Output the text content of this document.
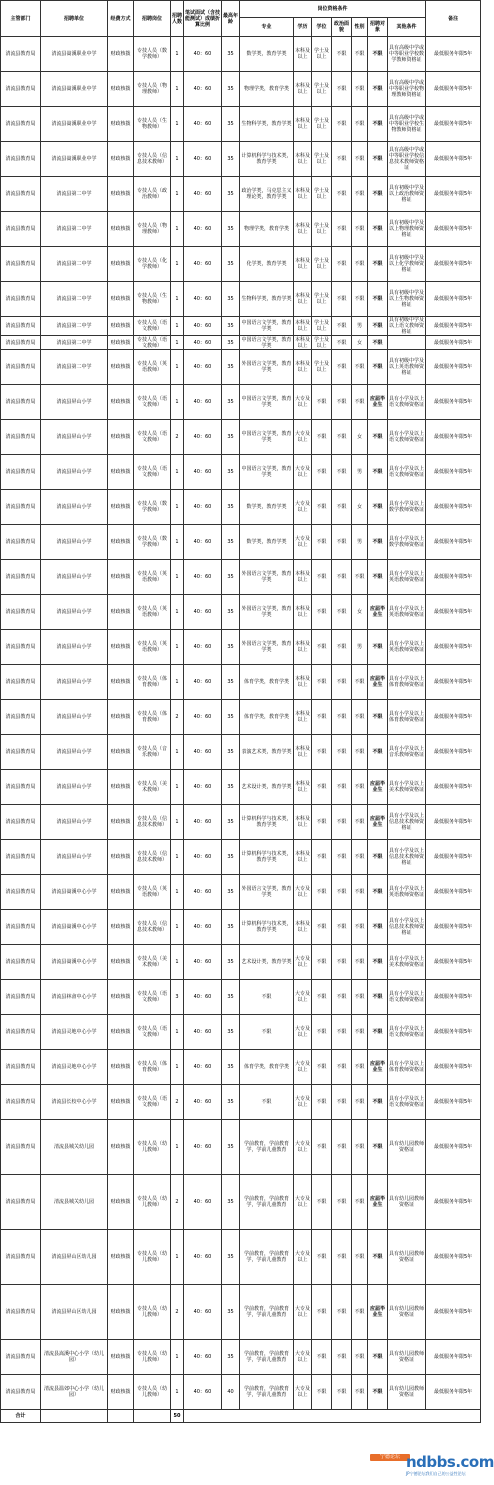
主管部门	招聘单位	经费方式	招聘岗位	招聘人数	笔试面试（含技能测试）成绩折算比例	最高年龄	岗位资格条件							备注
							专业	学历	学位	政治面貌	性别	招聘对象	其他条件	
清流县教育局	清流县嵩溪职业中学	财政核拨	专技人员（数学教师）	1	40：60	35	数学类，教育学类	本科及以上	学士及以上	不限	不限	不限	具有高级中学或中等职业学校数学教师资格证	最低服务年限5年
清流县教育局	清流县嵩溪职业中学	财政核拨	专技人员（物理教师）	1	40：60	35	物理学类，教育学类	本科及以上	学士及以上	不限	不限	不限	具有高级中学或中等职业学校物理教师资格证	最低服务年限5年
清流县教育局	清流县嵩溪职业中学	财政核拨	专技人员（生物教师）	1	40：60	35	生物科学类，教育学类	本科及以上	学士及以上	不限	不限	不限	具有高级中学或中等职业学校生物教师资格证	最低服务年限5年
清流县教育局	清流县嵩溪职业中学	财政核拨	专技人员（信息技术教师）	1	40：60	35	计算机科学与技术类，教育学类	本科及以上	学士及以上	不限	不限	不限	具有高级中学或中等职业学校信息技术教师资格证	最低服务年限5年
清流县教育局	清流县第二中学	财政核拨	专技人员（政治教师）	1	40：60	35	政治学类，马克思主义理论类，教育学类	本科及以上	学士及以上	不限	不限	不限	具有初级中学及以上政治教师资格证	最低服务年限5年
清流县教育局	清流县第二中学	财政核拨	专技人员（物理教师）	1	40：60	35	物理学类，教育学类	本科及以上	学士及以上	不限	不限	不限	具有初级中学及以上物理教师资格证	最低服务年限5年
清流县教育局	清流县第二中学	财政核拨	专技人员（化学教师）	1	40：60	35	化学类，教育学类	本科及以上	学士及以上	不限	不限	不限	具有初级中学及以上化学教师资格证	最低服务年限5年
清流县教育局	清流县第二中学	财政核拨	专技人员（生物教师）	1	40：60	35	生物科学类，教育学类	本科及以上	学士及以上	不限	不限	不限	具有初级中学及以上生物教师资格证	最低服务年限5年
清流县教育局	清流县第二中学	财政核拨	专技人员（语文教师）	1	40：60	35	中国语言文学类，教育学类	本科及以上	学士及以上	不限	男	不限	具有初级中学及以上语文教师资格证	最低服务年限5年
清流县教育局	清流县第二中学	财政核拨	专技人员（语文教师）	1	40：60	35	中国语言文学类，教育学类	本科及以上	学士及以上	不限	女	不限		最低服务年限5年
清流县教育局	清流县第二中学	财政核拨	专技人员（英语教师）	1	40：60	35	外国语言文学类，教育学类	本科及以上	学士及以上	不限	不限	不限	具有初级中学及以上英语教师资格证	最低服务年限5年
清流县教育局	清流县屏山小学	财政核拨	专技人员（语文教师）	1	40：60	35	中国语言文学类，教育学类	大专及以上	不限	不限	不限	应届毕业生	具有小学及以上语文教师资格证	最低服务年限5年
清流县教育局	清流县屏山小学	财政核拨	专技人员（语文教师）	2	40：60	35	中国语言文学类，教育学类	大专及以上	不限	不限	女	不限	具有小学及以上语文教师资格证	最低服务年限5年
清流县教育局	清流县屏山小学	财政核拨	专技人员（语文教师）	1	40：60	35	中国语言文学类，教育学类	大专及以上	不限	不限	男	不限	具有小学及以上语文教师资格证	最低服务年限5年
清流县教育局	清流县屏山小学	财政核拨	专技人员（数学教师）	1	40：60	35	数学类，教育学类	大专及以上	不限	不限	女	不限	具有小学及以上数学教师资格证	最低服务年限5年
清流县教育局	清流县屏山小学	财政核拨	专技人员（数学教师）	1	40：60	35	数学类，教育学类	大专及以上	不限	不限	男	不限	具有小学及以上数学教师资格证	最低服务年限5年
清流县教育局	清流县屏山小学	财政核拨	专技人员（英语教师）	1	40：60	35	外国语言文学类，教育学类	本科及以上	不限	不限	不限	不限	具有小学及以上英语教师资格证	最低服务年限5年
清流县教育局	清流县屏山小学	财政核拨	专技人员（英语教师）	1	40：60	35	外国语言文学类，教育学类	本科及以上	不限	不限	女	应届毕业生	具有小学及以上英语教师资格证	最低服务年限5年
清流县教育局	清流县屏山小学	财政核拨	专技人员（英语教师）	1	40：60	35	外国语言文学类，教育学类	本科及以上	不限	不限	男	不限	具有小学及以上英语教师资格证	最低服务年限5年
清流县教育局	清流县屏山小学	财政核拨	专技人员（体育教师）	1	40：60	35	体育学类，教育学类	本科及以上	不限	不限	不限	应届毕业生	具有小学及以上体育教师资格证	最低服务年限5年
清流县教育局	清流县屏山小学	财政核拨	专技人员（体育教师）	2	40：60	35	体育学类，教育学类	本科及以上	不限	不限	不限	不限	具有小学及以上体育教师资格证	最低服务年限5年
清流县教育局	清流县屏山小学	财政核拨	专技人员（音乐教师）	1	40：60	35	表演艺术类，教育学类	本科及以上	不限	不限	不限	不限	具有小学及以上音乐教师资格证	最低服务年限5年
清流县教育局	清流县屏山小学	财政核拨	专技人员（美术教师）	1	40：60	35	艺术设计类，教育学类	本科及以上	不限	不限	不限	应届毕业生	具有小学及以上美术教师资格证	最低服务年限5年
清流县教育局	清流县屏山小学	财政核拨	专技人员（信息技术教师）	1	40：60	35	计算机科学与技术类，教育学类	本科及以上	不限	不限	不限	应届毕业生	具有小学及以上信息技术教师资格证	最低服务年限5年
清流县教育局	清流县屏山小学	财政核拨	专技人员（信息技术教师）	1	40：60	35	计算机科学与技术类，教育学类	本科及以上	不限	不限	不限	不限	具有小学及以上信息技术教师资格证	最低服务年限5年
清流县教育局	清流县嵩溪中心小学	财政核拨	专技人员（英语教师）	1	40：60	35	外国语言文学类，教育学类	大专及以上	不限	不限	不限	不限	具有小学及以上英语教师资格证	最低服务年限5年
清流县教育局	清流县嵩溪中心小学	财政核拨	专技人员（信息技术教师）	1	40：60	35	计算机科学与技术类，教育学类	本科及以上	不限	不限	不限	不限	具有小学及以上信息技术教师资格证	最低服务年限5年
清流县教育局	清流县嵩溪中心小学	财政核拨	专技人员（美术教师）	1	40：60	35	艺术设计类，教育学类	大专及以上	不限	不限	不限	不限	具有小学及以上美术教师资格证	最低服务年限5年
清流县教育局	清流县林畲中心小学	财政核拨	专技人员（语文教师）	3	40：60	35	不限	大专及以上	不限	不限	不限	不限	具有小学及以上语文教师资格证	最低服务年限5年
清流县教育局	清流县灵地中心小学	财政核拨	专技人员（语文教师）	1	40：60	35	不限	大专及以上	不限	不限	不限	不限	具有小学及以上语文教师资格证	最低服务年限5年
清流县教育局	清流县灵地中心小学	财政核拨	专技人员（体育教师）	1	40：60	35	体育学类，教育学类	大专及以上	不限	不限	不限	应届毕业生	具有小学及以上体育教师资格证	最低服务年限5年
清流县教育局	清流县长校中心小学	财政核拨	专技人员（语文教师）	2	40：60	35	不限	大专及以上	不限	不限	不限	不限	具有小学及以上语文教师资格证	最低服务年限5年
清流县教育局	清流县城关幼儿园	财政核拨	专技人员（幼儿教师）	1	40：60	35	学前教育，学前教育学，学前儿童教育	大专及以上	不限	不限	不限	不限	具有幼儿园教师资格证	最低服务年限5年
清流县教育局	清流县城关幼儿园	财政核拨	专技人员（幼儿教师）	2	40：60	35	学前教育，学前教育学，学前儿童教育	大专及以上	不限	不限	不限	应届毕业生	具有幼儿园教师资格证	最低服务年限5年
清流县教育局	清流县屏山区幼儿园	财政核拨	专技人员（幼儿教师）	1	40：60	35	学前教育，学前教育学，学前儿童教育	大专及以上	不限	不限	不限	不限	具有幼儿园教师资格证	最低服务年限5年
清流县教育局	清流县屏山区幼儿园	财政核拨	专技人员（幼儿教师）	2	40：60	35	学前教育，学前教育学，学前儿童教育	大专及以上	不限	不限	不限	应届毕业生	具有幼儿园教师资格证	最低服务年限5年
清流县教育局	清流县嵩溪中心小学（幼儿园）	财政核拨	专技人员（幼儿教师）	1	40：60	35	学前教育，学前教育学，学前儿童教育	大专及以上	不限	不限	不限	不限	具有幼儿园教师资格证	最低服务年限5年
清流县教育局	清流县温郊中心小学（幼儿园）	财政核拨	专技人员（幼儿教师）	1	40：60	40	学前教育，学前教育学，学前儿童教育	大专及以上	不限	不限	不限	不限	具有幼儿园教师资格证	最低服务年限5年
合计				50										
宁德论坛 ndbbs.com
JP宁德论坛我们自己的公益性论坛
